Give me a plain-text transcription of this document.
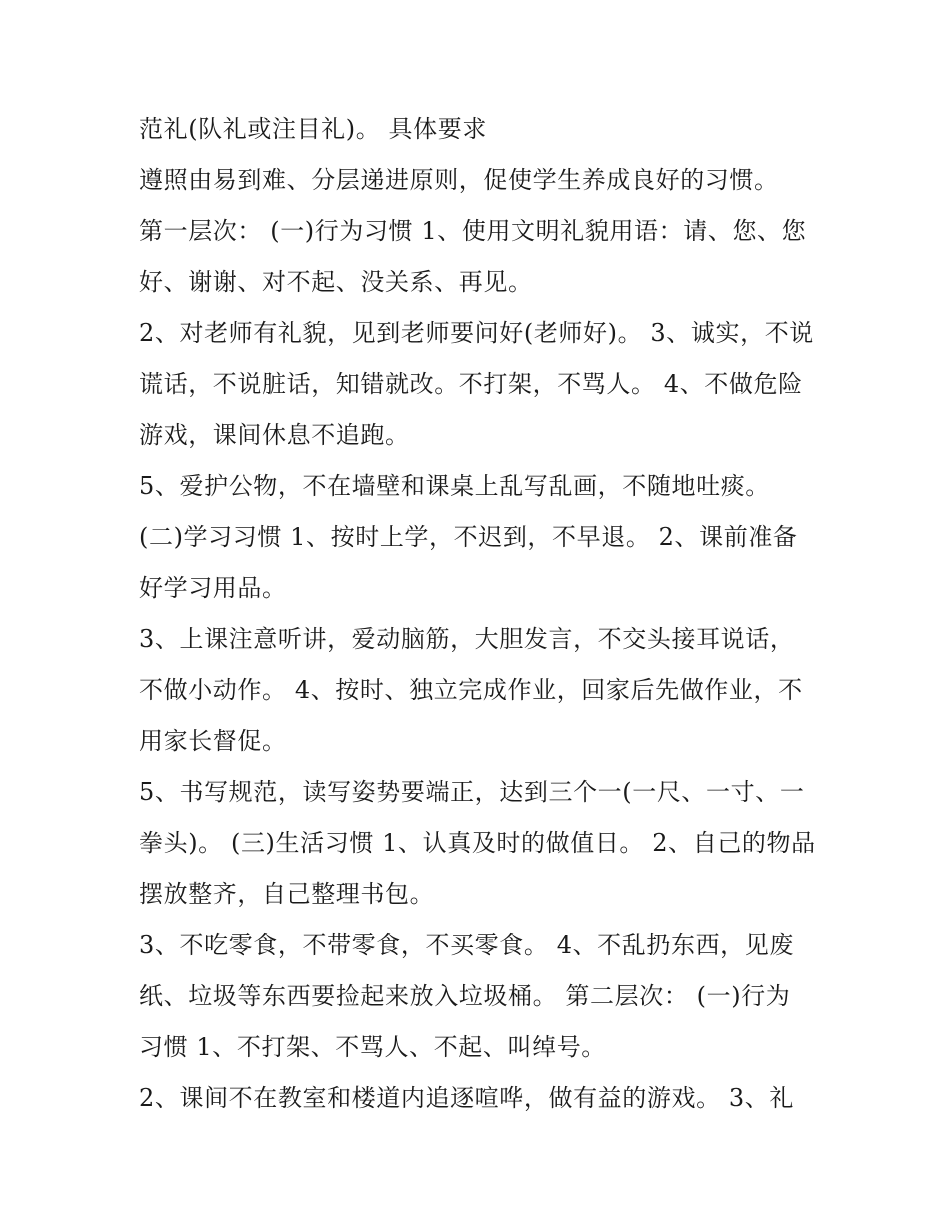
范礼(队礼或注目礼)。 具体要求
遵照由易到难、分层递进原则，促使学生养成良好的习惯。
第一层次： (一)行为习惯 1、使用文明礼貌用语：请、您、您
好、谢谢、对不起、没关系、再见。
2、对老师有礼貌，见到老师要问好(老师好)。 3、诚实，不说
谎话，不说脏话，知错就改。不打架，不骂人。 4、不做危险
游戏，课间休息不追跑。
5、爱护公物，不在墙壁和课桌上乱写乱画，不随地吐痰。
(二)学习习惯 1、按时上学，不迟到，不早退。 2、课前准备
好学习用品。
3、上课注意听讲，爱动脑筋，大胆发言，不交头接耳说话，
不做小动作。 4、按时、独立完成作业，回家后先做作业，不
用家长督促。
5、书写规范，读写姿势要端正，达到三个一(一尺、一寸、一
拳头)。 (三)生活习惯 1、认真及时的做值日。 2、自己的物品
摆放整齐，自己整理书包。
3、不吃零食，不带零食，不买零食。 4、不乱扔东西，见废
纸、垃圾等东西要捡起来放入垃圾桶。 第二层次： (一)行为
习惯 1、不打架、不骂人、不起、叫绰号。
2、课间不在教室和楼道内追逐喧哗，做有益的游戏。 3、礼
